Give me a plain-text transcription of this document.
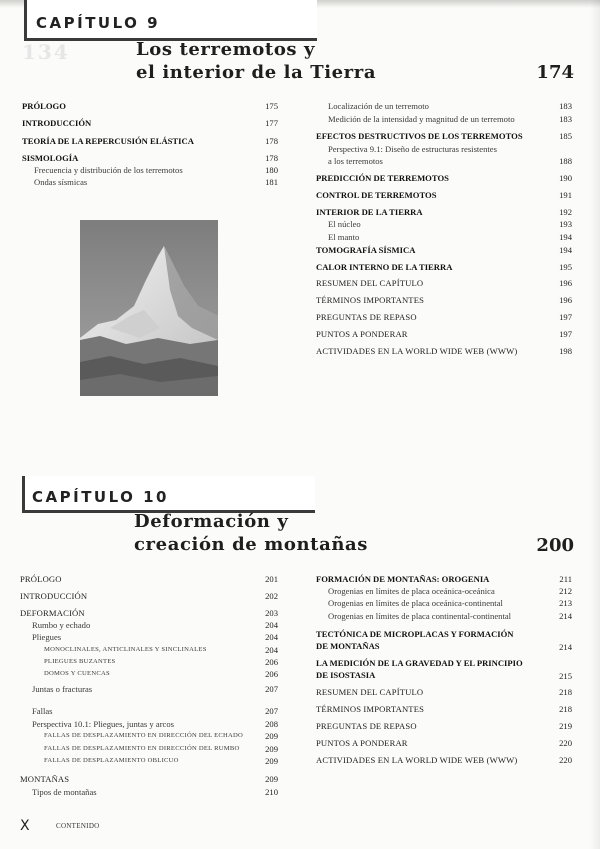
CAPÍTULO 9
134	Los terremotos y
el interior de la Tierra	174
PRÓLOGO	175
INTRODUCCIÓN	177
TEORÍA DE LA REPERCUSIÓN ELÁSTICA	178
SISMOLOGÍA	178
Frecuencia y distribución de los terremotos	180
Ondas sísmicas	181
Localización de un terremoto	183
Medición de la intensidad y magnitud de un terremoto	183
EFECTOS DESTRUCTIVOS DE LOS TERREMOTOS	185
Perspectiva 9.1: Diseño de estructuras resistentes
a los terremotos	188
PREDICCIÓN DE TERREMOTOS	190
CONTROL DE TERREMOTOS	191
INTERIOR DE LA TIERRA	192
El núcleo	193
El manto	194
TOMOGRAFÍA SÍSMICA	194
CALOR INTERNO DE LA TIERRA	195
RESUMEN DEL CAPÍTULO	196
TÉRMINOS IMPORTANTES	196
PREGUNTAS DE REPASO	197
PUNTOS A PONDERAR	197
ACTIVIDADES EN LA WORLD WIDE WEB (WWW)	198
CAPÍTULO 10
Deformación y
creación de montañas	200
PRÓLOGO	201
INTRODUCCIÓN	202
DEFORMACIÓN	203
Rumbo y echado	204
Pliegues	204
MONOCLINALES, ANTICLINALES Y SINCLINALES	204
PLIEGUES BUZANTES	206
DOMOS Y CUENCAS	206
Juntas o fracturas	207
Fallas	207
Perspectiva 10.1: Pliegues, juntas y arcos	208
FALLAS DE DESPLAZAMIENTO EN DIRECCIÓN DEL ECHADO	209
FALLAS DE DESPLAZAMIENTO EN DIRECCIÓN DEL RUMBO	209
FALLAS DE DESPLAZAMIENTO OBLICUO	209
MONTAÑAS	209
Tipos de montañas	210
FORMACIÓN DE MONTAÑAS: OROGENIA	211
Orogenias en límites de placa oceánica-oceánica	212
Orogenias en límites de placa oceánica-continental	213
Orogenias en límites de placa continental-continental	214
TECTÓNICA DE MICROPLACAS Y FORMACIÓN
DE MONTAÑAS	214
LA MEDICIÓN DE LA GRAVEDAD Y EL PRINCIPIO
DE ISOSTASIA	215
RESUMEN DEL CAPÍTULO	218
TÉRMINOS IMPORTANTES	218
PREGUNTAS DE REPASO	219
PUNTOS A PONDERAR	220
ACTIVIDADES EN LA WORLD WIDE WEB (WWW)	220
X	CONTENIDO
